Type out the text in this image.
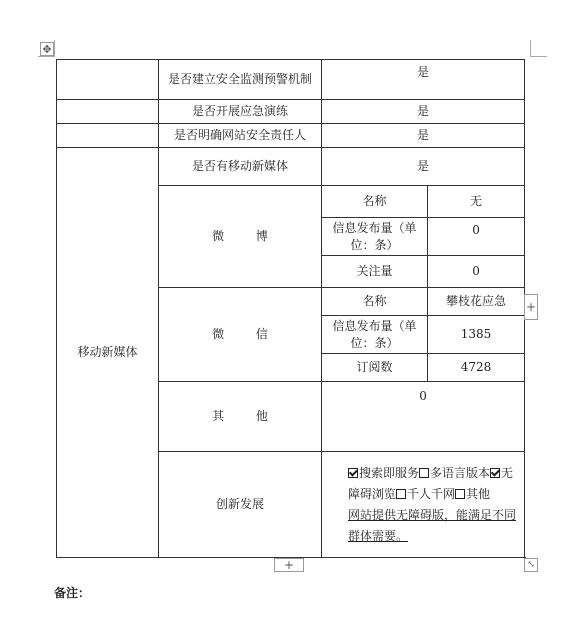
✥
	是否建立安全监测预警机制	是	
	是否开展应急演练	是	
	是否明确网站安全责任人	是	
移动新媒体	是否有移动新媒体	是	
	微 博	名称	无
		信息发布量（单位：条）	0
		关注量	0
	微 信	名称	攀枝花应急
		信息发布量（单位：条）	1385
		订阅数	4728
	其 他	0	
	创新发展	搜索即服务 多语言版本 无障碍浏览 千人千网 其他
网站提供无障碍版，能满足不同群体需要。	
+
+	⤡
备注：
